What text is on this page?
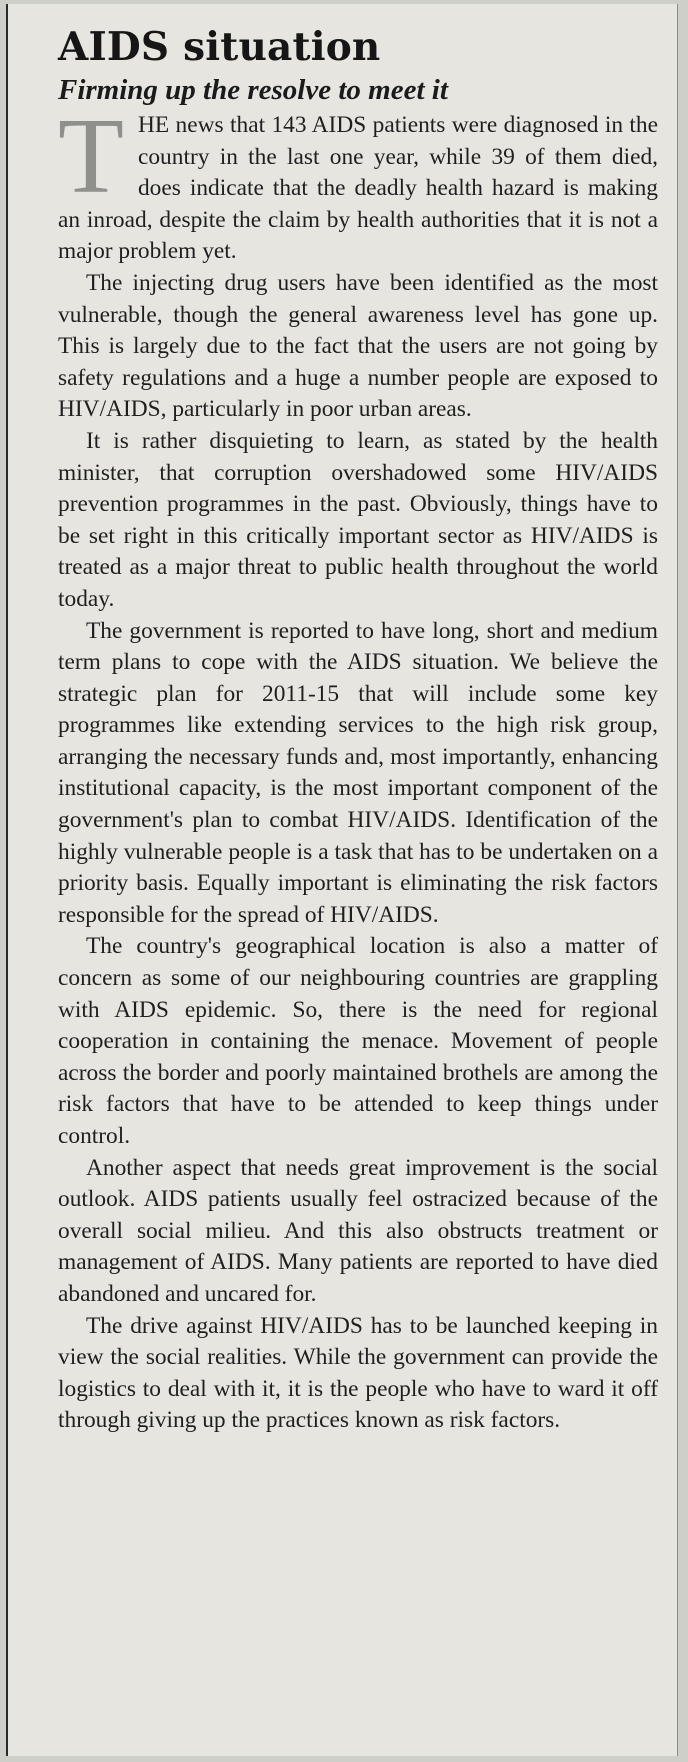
AIDS situation
Firming up the resolve to meet it

THE news that 143 AIDS patients were diagnosed in the country in the last one year, while 39 of them died, does indicate that the deadly health hazard is making an inroad, despite the claim by health authorities that it is not a major problem yet.

The injecting drug users have been identified as the most vulnerable, though the general awareness level has gone up. This is largely due to the fact that the users are not going by safety regulations and a huge a number people are exposed to HIV/AIDS, particularly in poor urban areas.

It is rather disquieting to learn, as stated by the health minister, that corruption overshadowed some HIV/AIDS prevention programmes in the past. Obviously, things have to be set right in this critically important sector as HIV/AIDS is treated as a major threat to public health throughout the world today.

The government is reported to have long, short and medium term plans to cope with the AIDS situation. We believe the strategic plan for 2011-15 that will include some key programmes like extending services to the high risk group, arranging the necessary funds and, most importantly, enhancing institutional capacity, is the most important component of the government's plan to combat HIV/AIDS. Identification of the highly vulnerable people is a task that has to be undertaken on a priority basis. Equally important is eliminating the risk factors responsible for the spread of HIV/AIDS.

The country's geographical location is also a matter of concern as some of our neighbouring countries are grappling with AIDS epidemic. So, there is the need for regional cooperation in containing the menace. Movement of people across the border and poorly maintained brothels are among the risk factors that have to be attended to keep things under control.

Another aspect that needs great improvement is the social outlook. AIDS patients usually feel ostracized because of the overall social milieu. And this also obstructs treatment or management of AIDS. Many patients are reported to have died abandoned and uncared for.

The drive against HIV/AIDS has to be launched keeping in view the social realities. While the government can provide the logistics to deal with it, it is the people who have to ward it off through giving up the practices known as risk factors.
